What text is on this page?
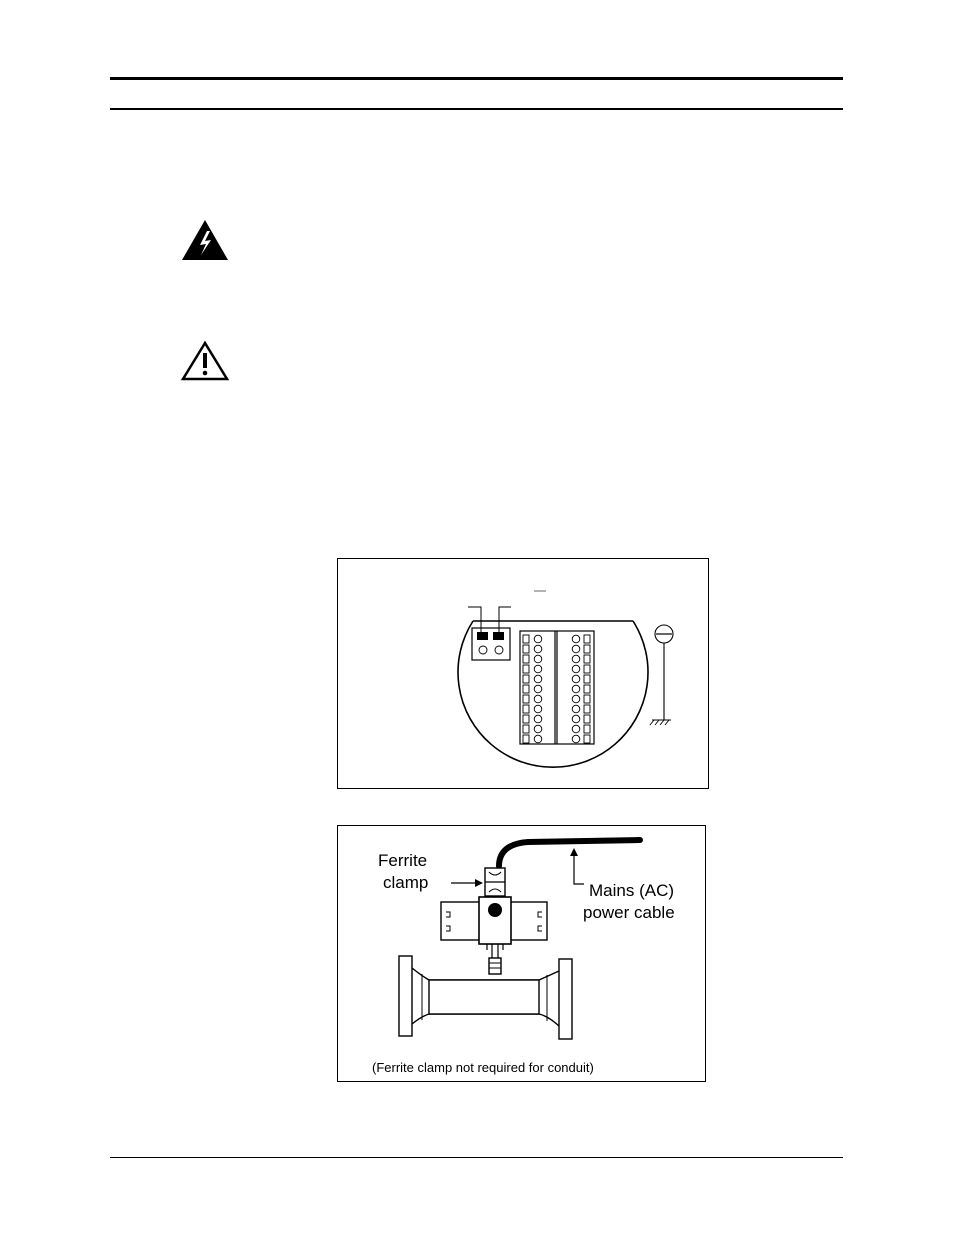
Ferrite
clamp	Mains (AC)
power cable
(Ferrite clamp not required for conduit)
